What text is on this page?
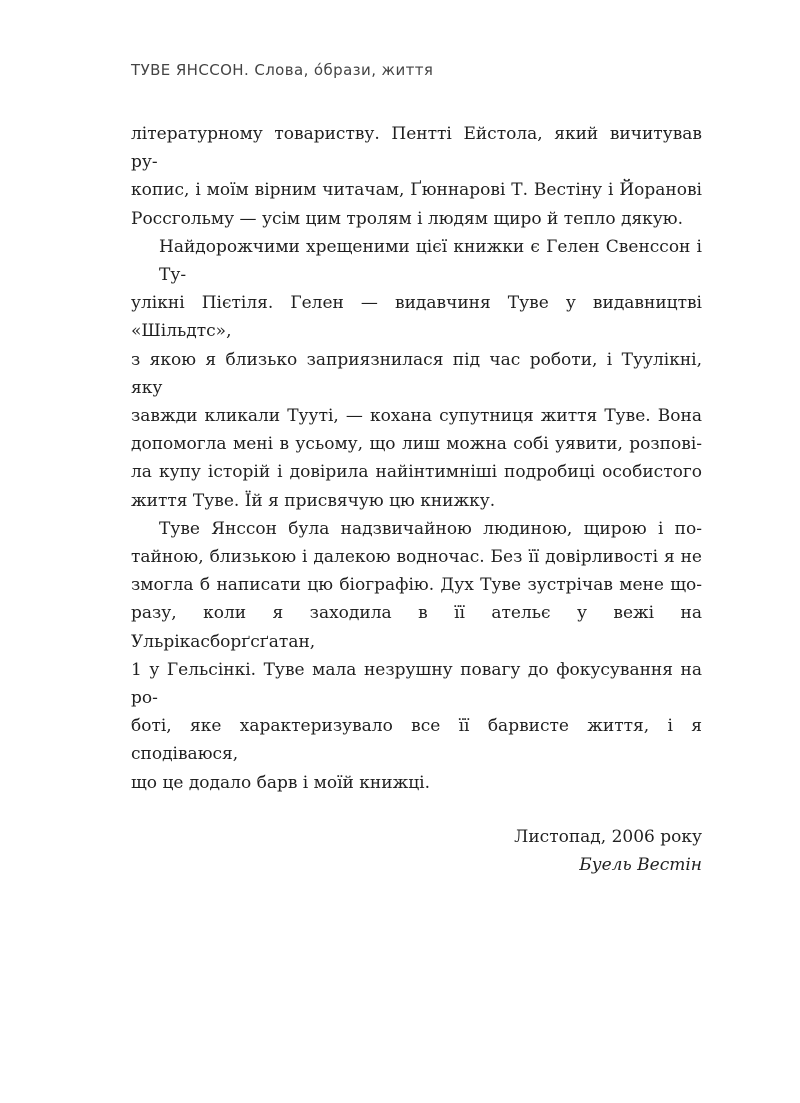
ТУВЕ ЯНССОН. Слова, о́брази, життя
літературному товариству. Пентті Ейстола, який вичитував ру-
копис, і моїм вірним читачам, Ґюннарові Т. Вестіну і Йоранові
Россгольму — усім цим тролям і людям щиро й тепло дякую.
Найдорожчими хрещеними цієї книжки є Гелен Свенссон і Ту-
улікні Пієтіля. Гелен — видавчиня Туве у видавництві «Шільдтс»,
з якою я близько заприязнилася під час роботи, і Туулікні, яку
завжди кликали Тууті, — кохана супутниця життя Туве. Вона
допомогла мені в усьому, що лиш можна собі уявити, розпові-
ла купу історій і довірила найінтимніші подробиці особистого
життя Туве. Їй я присвячую цю книжку.
Туве Янссон була надзвичайною людиною, щирою і по-
тайною, близькою і далекою водночас. Без її довірливості я не
змогла б написати цю біографію. Дух Туве зустрічав мене що-
разу, коли я заходила в її ательє у вежі на Ульрікасборґсґатан,
1 у Гельсінкі. Туве мала незрушну повагу до фокусування на ро-
боті, яке характеризувало все її барвисте життя, і я сподіваюся,
що це додало барв і моїй книжці.
Листопад, 2006 року
Буель Вестін
